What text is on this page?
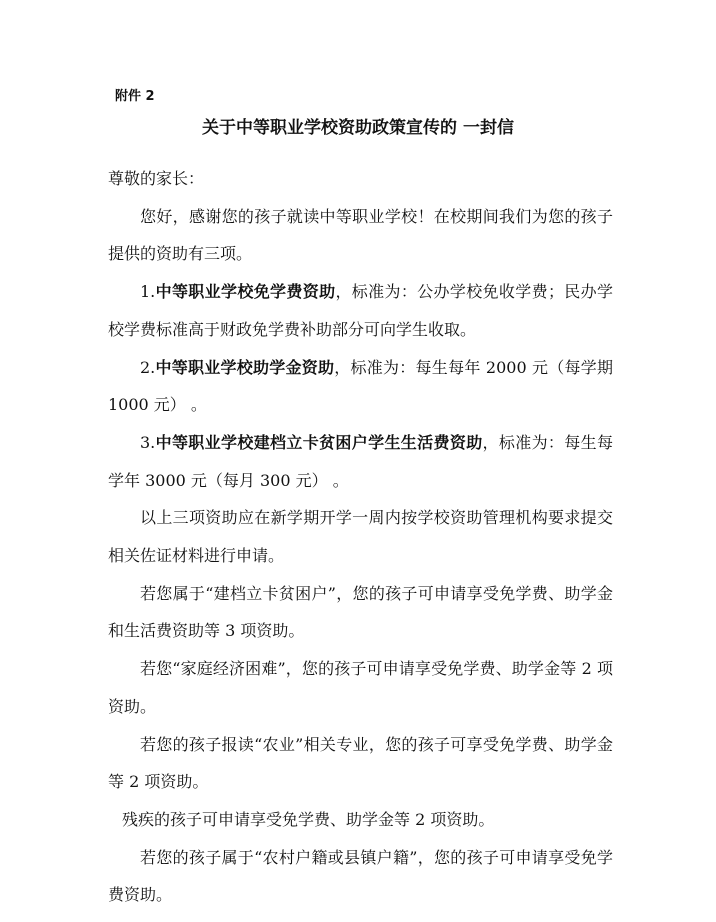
附件 2
关于中等职业学校资助政策宣传的 一封信

尊敬的家长：

您好，感谢您的孩子就读中等职业学校！在校期间我们为您的孩子提供的资助有三项。

1.中等职业学校免学费资助，标准为：公办学校免收学费；民办学校学费标准高于财政免学费补助部分可向学生收取。

2.中等职业学校助学金资助，标准为：每生每年 2000 元（每学期 1000 元） 。

3.中等职业学校建档立卡贫困户学生生活费资助，标准为：每生每学年 3000 元（每月 300 元） 。

以上三项资助应在新学期开学一周内按学校资助管理机构要求提交相关佐证材料进行申请。

若您属于“建档立卡贫困户”，您的孩子可申请享受免学费、助学金和生活费资助等 3 项资助。

若您“家庭经济困难”，您的孩子可申请享受免学费、助学金等 2 项资助。

若您的孩子报读“农业”相关专业，您的孩子可享受免学费、助学金等 2 项资助。

残疾的孩子可申请享受免学费、助学金等 2 项资助。

若您的孩子属于“农村户籍或县镇户籍”，您的孩子可申请享受免学费资助。
